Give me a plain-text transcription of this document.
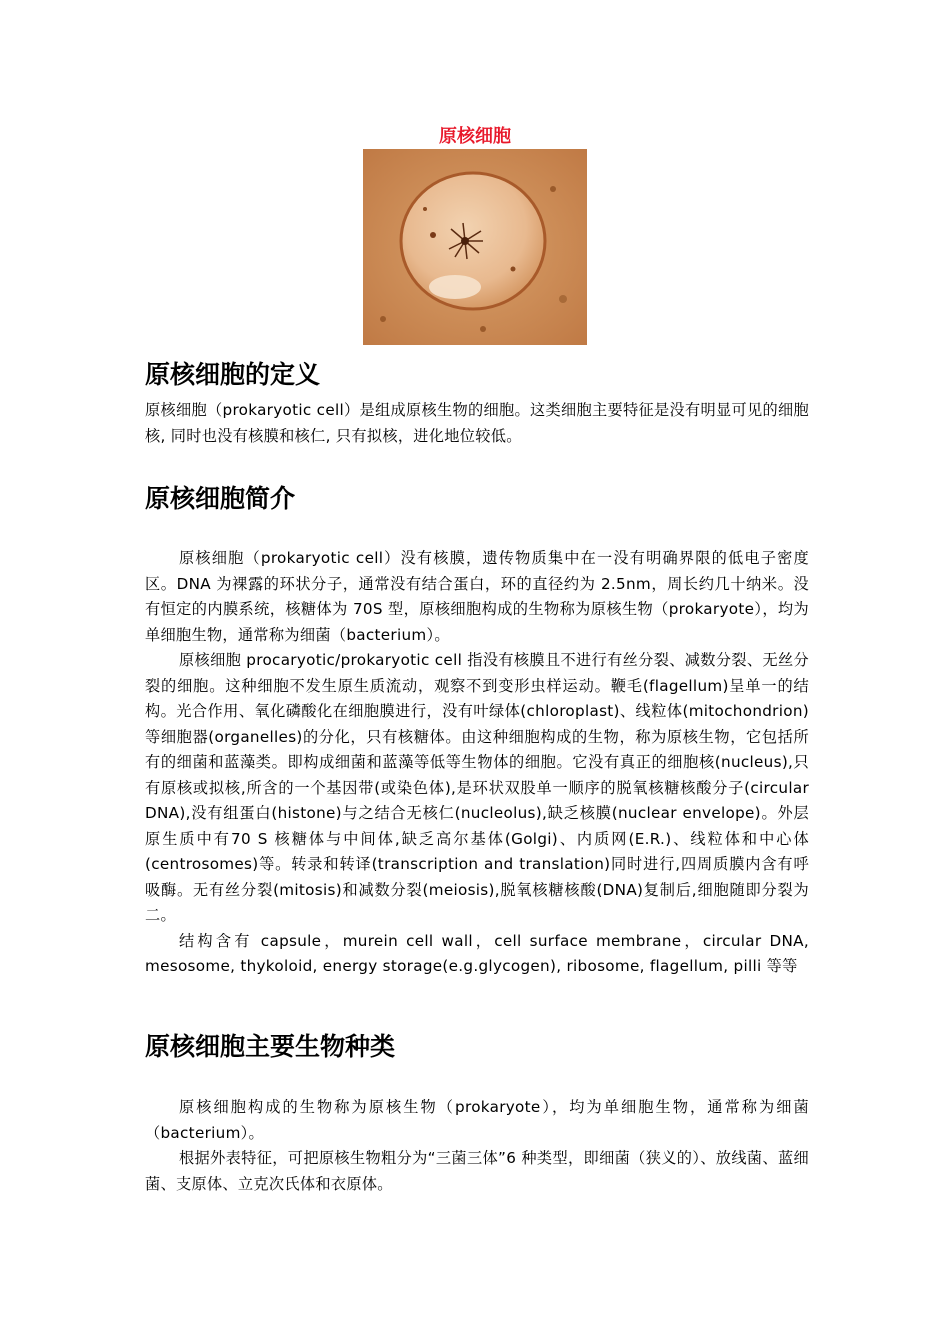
原核细胞
原核细胞的定义

原核细胞（prokaryotic cell）是组成原核生物的细胞。这类细胞主要特征是没有明显可见的细胞核, 同时也没有核膜和核仁, 只有拟核，进化地位较低。

原核细胞简介

原核细胞（prokaryotic cell）没有核膜，遗传物质集中在一没有明确界限的低电子密度区。DNA 为裸露的环状分子，通常没有结合蛋白，环的直径约为 2.5nm，周长约几十纳米。没有恒定的内膜系统，核糖体为 70S 型，原核细胞构成的生物称为原核生物（prokaryote），均为单细胞生物，通常称为细菌（bacterium）。

原核细胞 procaryotic/prokaryotic cell 指没有核膜且不进行有丝分裂、减数分裂、无丝分裂的细胞。这种细胞不发生原生质流动，观察不到变形虫样运动。鞭毛(flagellum)呈单一的结构。光合作用、氧化磷酸化在细胞膜进行，没有叶绿体(chloroplast)、线粒体(mitochondrion)等细胞器(organelles)的分化，只有核糖体。由这种细胞构成的生物，称为原核生物，它包括所有的细菌和蓝藻类。即构成细菌和蓝藻等低等生物体的细胞。它没有真正的细胞核(nucleus),只有原核或拟核,所含的一个基因带(或染色体),是环状双股单一顺序的脱氧核糖核酸分子(circular DNA),没有组蛋白(histone)与之结合无核仁(nucleolus),缺乏核膜(nuclear envelope)。外层原生质中有70 S 核糖体与中间体,缺乏高尔基体(Golgi)、内质网(E.R.)、线粒体和中心体(centrosomes)等。转录和转译(transcription and translation)同时进行,四周质膜内含有呼吸酶。无有丝分裂(mitosis)和减数分裂(meiosis),脱氧核糖核酸(DNA)复制后,细胞随即分裂为二。

结构含有 capsule，murein cell wall，cell surface membrane，circular DNA, mesosome, thykoloid, energy storage(e.g.glycogen), ribosome, flagellum, pilli 等等

原核细胞主要生物种类

原核细胞构成的生物称为原核生物（prokaryote），均为单细胞生物，通常称为细菌（bacterium）。

根据外表特征，可把原核生物粗分为“三菌三体”6 种类型，即细菌（狭义的）、放线菌、蓝细菌、支原体、立克次氏体和衣原体。
